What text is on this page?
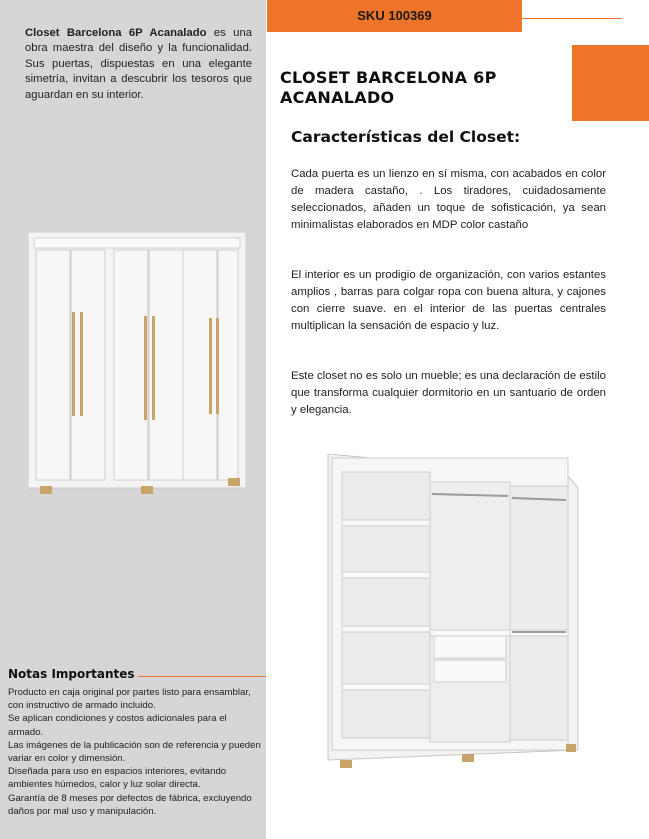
Closet Barcelona 6P Acanalado es una obra maestra del diseño y la funcionalidad. Sus puertas, dispuestas en una elegante simetría, invitan a descubrir los tesoros que aguardan en su interior.
Notas Importantes
Producto en caja original por partes listo para ensamblar, con instructivo de armado incluido.
Se aplican condiciones y costos adicionales para el armado.
Las imágenes de la publicación son de referencia y pueden variar en color y dimensión.
Diseñada para uso en espacios interiores, evitando ambientes húmedos, calor y luz solar directa.
Garantía de 8 meses por defectos de fábrica, excluyendo daños por mal uso y manipulación.
SKU 100369
CLOSET BARCELONA 6P
ACANALADO
Características del Closet:
Cada puerta es un lienzo en sí misma, con acabados en color de madera castaño, . Los tiradores, cuidadosamente seleccionados, añaden un toque de sofisticación, ya sean minimalistas elaborados en MDP color castaño
El interior es un prodigio de organización, con varios estantes amplios , barras para colgar ropa con buena altura, y cajones con cierre suave. en el interior de las puertas centrales multiplican la sensación de espacio y luz.
Este closet no es solo un mueble; es una declaración de estilo que transforma cualquier dormitorio en un santuario de orden y elegancia.
